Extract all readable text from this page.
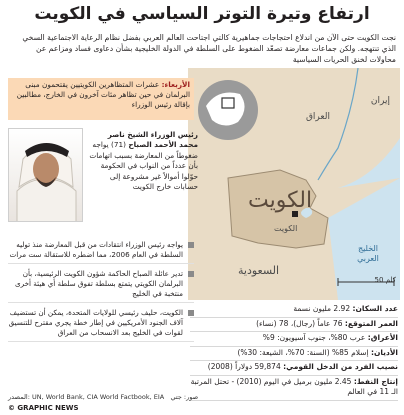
ارتفاع وتيرة التوتر السياسي في الكويت
نجت الكويت حتى الآن من اندلاع احتجاجات جماهيرية كالتي اجتاحت العالم العربي بفضل نظام الرعاية الاجتماعية السخي الذي تنتهجه. ولكن جماعات معارضة تصعّد الضغوط على السلطة في الدولة الخليجية بشأن دعاوى فساد ومزاعم عن محاولات لخنق الحريات السياسية
إيران
العراق
الكويت
الكويت
الخليج العربي
السعودية
50 كلم
الأربعاء: عشرات المتظاهرين الكويتيين يقتحمون مبنى البرلمان في حين تظاهر مئات آخرون في الخارج، مطالبين بإقالة رئيس الوزراء
رئيس الوزراء الشيخ ناصر محمد الأحمد الصباح (71) يواجه ضغوطاً من المعارضة بسبب اتهامات بأن عدداً من النواب في الحكومة حوّلوا أموالاً غير مشروعة إلى حسابات خارج الكويت
يواجه رئيس الوزراء انتقادات من قبل المعارضة منذ توليه السلطة في العام 2006، مما اضطره للاستقالة ست مرات
تدير عائلة الصباح الحاكمة شؤون الكويت الرئيسية، بأن البرلمان الكويتي يتمتع بسلطة تفوق سلطة أي هيئة أخرى منتخبة في الخليج
الكويت، حليف رئيسي للولايات المتحدة، يمكن أن تستضيف آلاف الجنود الأمريكيين في إطار خطة يجري مقترح للتنسيق لقوات في الخليج بعد الانسحاب من العراق
عدد السكان: 2.92 مليون نسمة
العمر المتوقع: 76 عاماً (رجال)، 78 (نساء)
الأعراق: عرب 80%، جنوب آسيويون: 9%
الأديان: إسلام 85% (السنة: 70%، الشيعة: 30%)
نصيب الفرد من الدخل القومي: 59,874 دولاراً (2008)
إنتاج النفط: 2.45 مليون برميل في اليوم (2010) - تحتل المرتبة الـ 11 في العالم
المصدر: UN, World Bank, CIA World Factbook, EIA صور: جتي
© GRAPHIC NEWS
